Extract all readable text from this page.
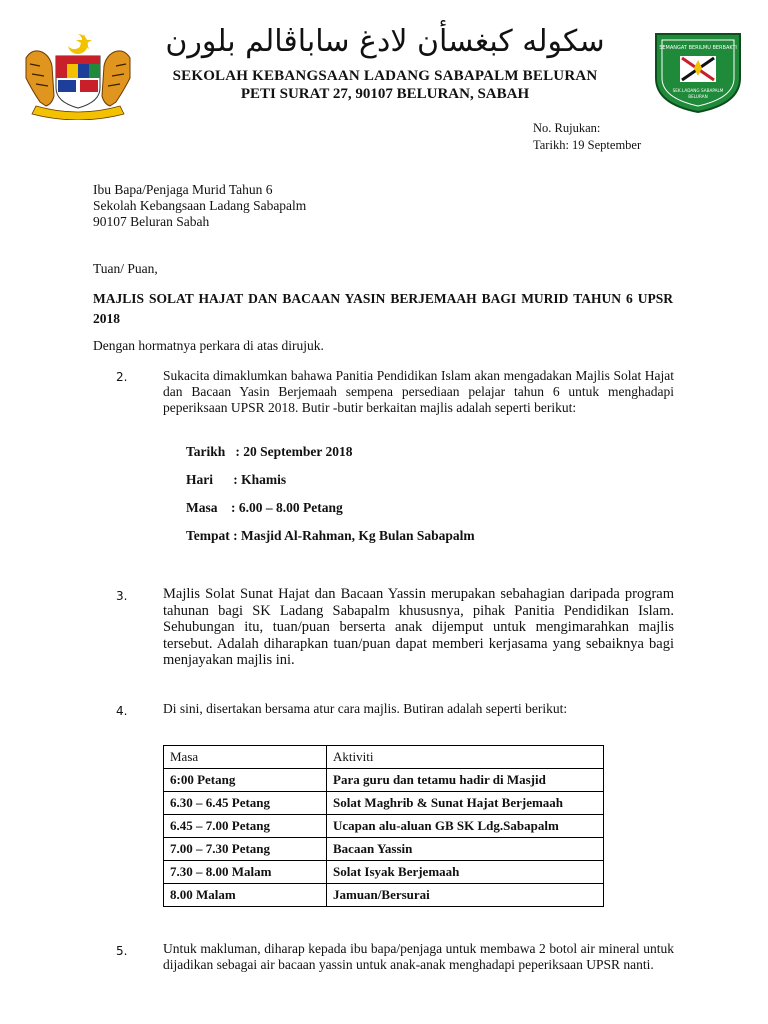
SEMANGAT BERILMU BERBAKTI
SEK.LADANG SABAPALM
BELURAN
سكوله كبغسأن لادغ ساباڤالم بلورن
SEKOLAH KEBANGSAAN LADANG SABAPALM BELURAN
PETI SURAT 27, 90107 BELURAN, SABAH
No. Rujukan:
Tarikh: 19 September
Ibu Bapa/Penjaga Murid Tahun 6
Sekolah Kebangsaan Ladang Sabapalm
90107 Beluran Sabah
Tuan/ Puan,
MAJLIS SOLAT HAJAT DAN BACAAN YASIN BERJEMAAH BAGI MURID TAHUN 6 UPSR 2018
Dengan hormatnya perkara di atas dirujuk.
2.	Sukacita dimaklumkan bahawa Panitia Pendidikan Islam akan mengadakan Majlis Solat Hajat dan Bacaan Yasin Berjemaah sempena persediaan pelajar tahun 6 untuk menghadapi peperiksaan UPSR 2018. Butir -butir berkaitan majlis adalah seperti berikut:
Tarikh   : 20 September 2018
Hari      : Khamis
Masa    : 6.00 – 8.00 Petang
Tempat : Masjid Al-Rahman, Kg Bulan Sabapalm
3. Majlis Solat Sunat Hajat dan Bacaan Yassin merupakan sebahagian daripada program tahunan bagi SK Ladang Sabapalm khususnya, pihak Panitia Pendidikan Islam. Sehubungan itu, tuan/puan berserta anak dijemput untuk mengimarahkan majlis tersebut. Adalah diharapkan tuan/puan dapat memberi kerjasama yang sebaiknya bagi menjayakan majlis ini.
4.	Di sini, disertakan bersama atur cara majlis. Butiran adalah seperti berikut:
Masa	Aktiviti
6:00 Petang	Para guru dan tetamu hadir di Masjid
6.30 – 6.45 Petang	Solat Maghrib & Sunat Hajat Berjemaah
6.45 – 7.00 Petang	Ucapan alu-aluan GB SK Ldg.Sabapalm
7.00 – 7.30 Petang	Bacaan Yassin
7.30 – 8.00 Malam	Solat Isyak Berjemaah
8.00 Malam	Jamuan/Bersurai
5.	Untuk makluman, diharap kepada ibu bapa/penjaga untuk membawa 2 botol air mineral untuk dijadikan sebagai air bacaan yassin untuk anak-anak menghadapi peperiksaan UPSR nanti.
